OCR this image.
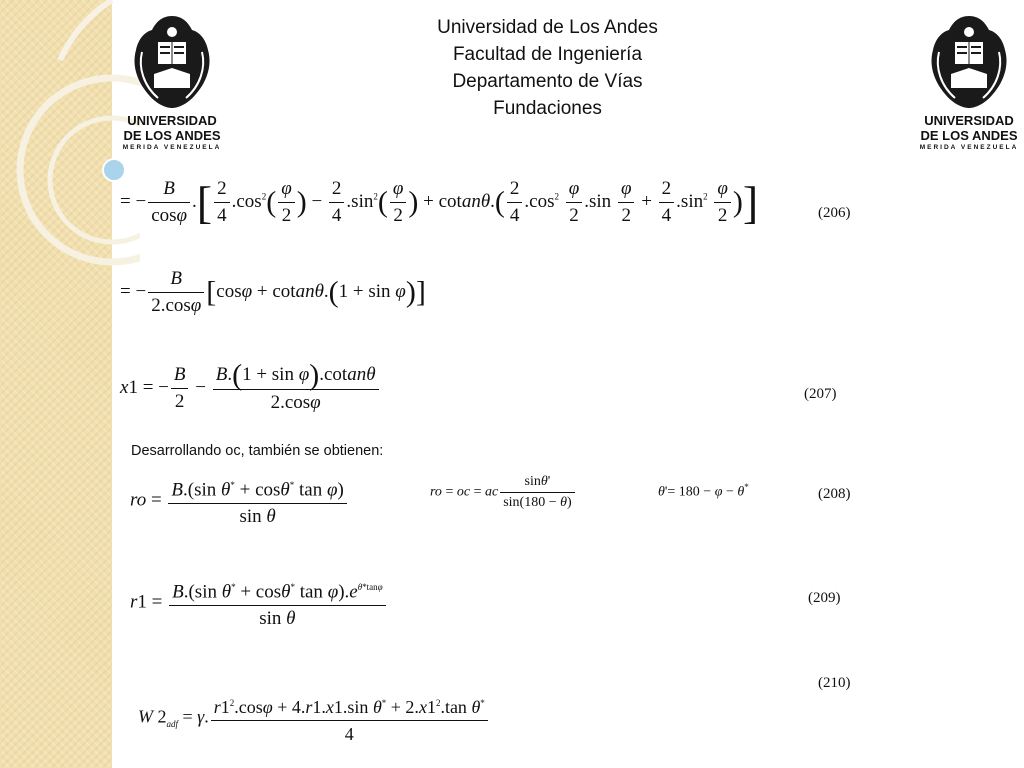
UNIVERSIDAD
DE LOS ANDES
MERIDA VENEZUELA
UNIVERSIDAD
DE LOS ANDES
MERIDA VENEZUELA
Universidad de Los Andes
Facultad de Ingeniería
Departamento de Vías
Fundaciones
= − $\frac{B}{\cos\varphi}$ .[ $\frac{2}{4} .\cos^2( \frac{\varphi}{2}$ ) − $\frac{2}{4} .\sin^2( \frac{\varphi}{2}$ ) + $cotan\theta.( \frac{2}{4} .\cos^2 \frac{\varphi}{2} .\sin \frac{\varphi}{2} + \frac{2}{4} .\sin^2 \frac{\varphi}{2}$ )]	(206)
= − $\frac{B}{2.\cos\varphi} [\cos\varphi + cotan\theta.(1 + \sin \varphi)]$
x1 = − $\frac{B}{2} - \frac{\text{B.(1 + sin φ).cotanθ}}{2.\cos\varphi}$	(207)
Desarrollando oc, también se obtienen:
ro = $\frac{B.(\sin \theta^* + \cos\theta^* \tan \varphi)}{\text{sin θ}}$	ro = oc = ac $\frac{\sin\theta'}{\sin(180 - \theta)}$	θ'= 180 − φ − θ*	(208)
$r1 = \frac{B.(\sin \theta^* + \cos\theta^* \tan \varphi).e^{\theta*tan\varphi}}{\text{sin θ}}$	(209)
(210)
W $2_{adf} = \gamma$. $\frac{r1^2.\cos\varphi + 4.r1.x1.\sin \theta^* + 2.x1^2.\tan \theta^*}{4}$
